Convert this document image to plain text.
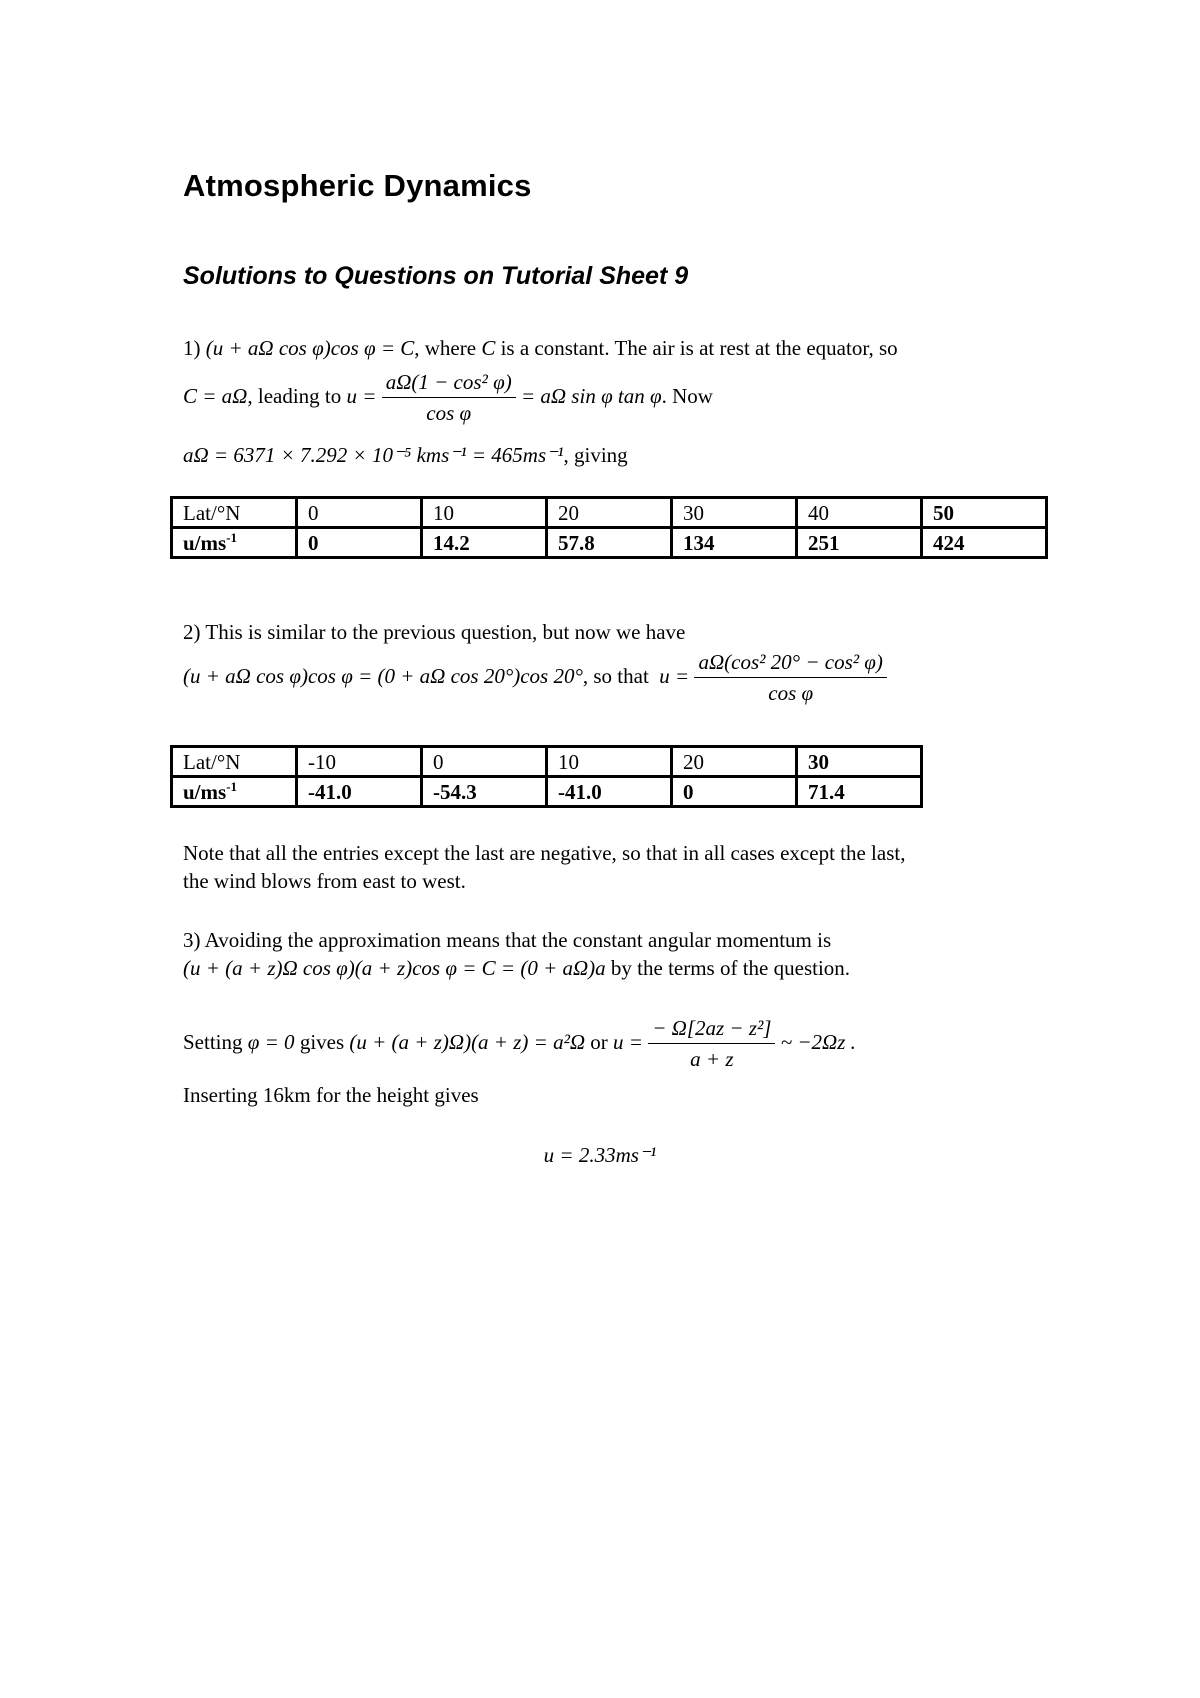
Atmospheric Dynamics
Solutions to Questions on Tutorial Sheet 9
1) (u + aΩ cos φ)cos φ = C, where C is a constant. The air is at rest at the equator, so
C = aΩ, leading to $u = \frac{\text{aΩ(1 − cos² φ)}}{\text{cos φ}} = a\Omega$ sin φ tan φ. Now
aΩ = 6371 × 7.292 × 10⁻⁵ kms⁻¹ = 465ms⁻¹, giving
Lat/°N	0	10	20	30	40	50
$u/ms^{-1}$	0	14.2	57.8	134	251	424
2) This is similar to the previous question, but now we have
(u + aΩ cos φ)cos φ = (0 + aΩ cos 20°)cos 20°, so that $u = \frac{\text{aΩ(cos² 20° − cos² φ)}}{\text{cos φ}}$
Lat/°N	-10	0	10	20	30
$u/ms^{-1}$	-41.0	-54.3	-41.0	0	71.4
Note that all the entries except the last are negative, so that in all cases except the last,
the wind blows from east to west.
3) Avoiding the approximation means that the constant angular momentum is
(u + (a + z)Ω cos φ)(a + z)cos φ = C = (0 + aΩ)a by the terms of the question.
Setting φ = 0 gives (u + (a + z)Ω)(a + z) = a²Ω or $u = \frac{\text{− Ω[2az − z²]}}{a + z}$ ~ −2Ωz .
Inserting 16km for the height gives
u = 2.33ms⁻¹
